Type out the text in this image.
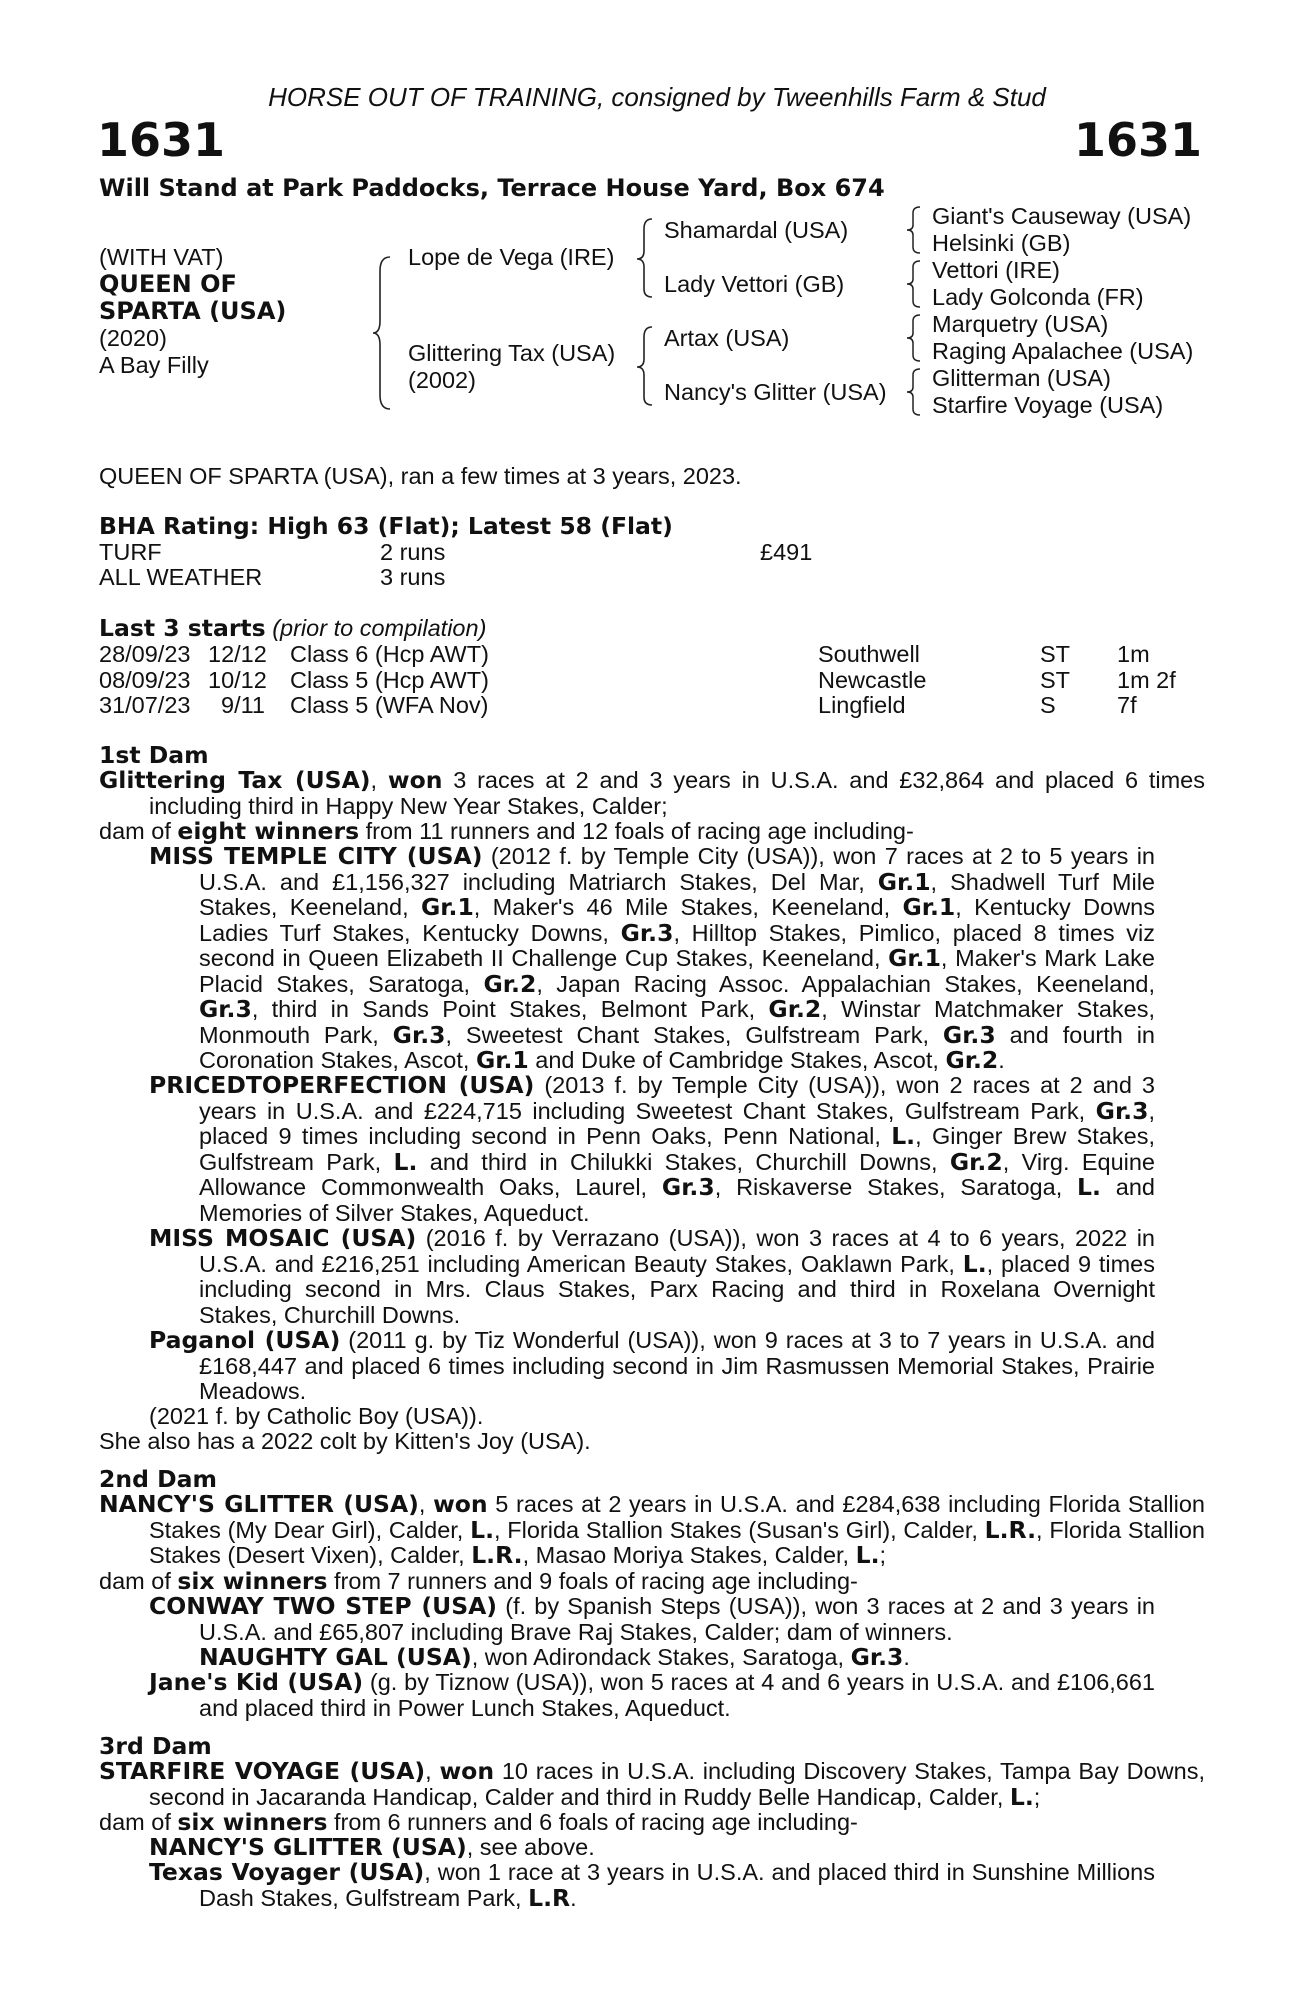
HORSE OUT OF TRAINING, consigned by Tweenhills Farm & Stud
1631	1631
Will Stand at Park Paddocks, Terrace House Yard, Box 674
(WITH VAT)
QUEEN OF
SPARTA (USA)
(2020)
A Bay Filly
Lope de Vega (IRE)
Glittering Tax (USA)
(2002)
Shamardal (USA)
Lady Vettori (GB)
Artax (USA)
Nancy's Glitter (USA)
Giant's Causeway (USA)
Helsinki (GB)
Vettori (IRE)
Lady Golconda (FR)
Marquetry (USA)
Raging Apalachee (USA)
Glitterman (USA)
Starfire Voyage (USA)
QUEEN OF SPARTA (USA), ran a few times at 3 years, 2023.
BHA Rating: High 63 (Flat); Latest 58 (Flat)
TURF	2 runs	£491
ALL WEATHER	3 runs
Last 3 starts (prior to compilation)
28/09/23 12/12 Class 6 (Hcp AWT)	Southwell	ST 1m
08/09/23 10/12 Class 5 (Hcp AWT)	Newcastle	ST 1m 2f
31/07/23 9/11 Class 5 (WFA Nov)	Lingfield	S	7f
1st Dam
Glittering Tax (USA), won 3 races at 2 and 3 years in U.S.A. and £32,864 and placed 6 times including third in Happy New Year Stakes, Calder;
dam of eight winners from 11 runners and 12 foals of racing age including-
MISS TEMPLE CITY (USA) (2012 f. by Temple City (USA)), won 7 races at 2 to 5 years in U.S.A. and £1,156,327 including Matriarch Stakes, Del Mar, Gr.1, Shadwell Turf Mile Stakes, Keeneland, Gr.1, Maker's 46 Mile Stakes, Keeneland, Gr.1, Kentucky Downs Ladies Turf Stakes, Kentucky Downs, Gr.3, Hilltop Stakes, Pimlico, placed 8 times viz second in Queen Elizabeth II Challenge Cup Stakes, Keeneland, Gr.1, Maker's Mark Lake Placid Stakes, Saratoga, Gr.2, Japan Racing Assoc. Appalachian Stakes, Keeneland, Gr.3, third in Sands Point Stakes, Belmont Park, Gr.2, Winstar Matchmaker Stakes, Monmouth Park, Gr.3, Sweetest Chant Stakes, Gulfstream Park, Gr.3 and fourth in Coronation Stakes, Ascot, Gr.1 and Duke of Cambridge Stakes, Ascot, Gr.2.
PRICEDTOPERFECTION (USA) (2013 f. by Temple City (USA)), won 2 races at 2 and 3 years in U.S.A. and £224,715 including Sweetest Chant Stakes, Gulfstream Park, Gr.3, placed 9 times including second in Penn Oaks, Penn National, L., Ginger Brew Stakes, Gulfstream Park, L. and third in Chilukki Stakes, Churchill Downs, Gr.2, Virg. Equine Allowance Commonwealth Oaks, Laurel, Gr.3, Riskaverse Stakes, Saratoga, L. and Memories of Silver Stakes, Aqueduct.
MISS MOSAIC (USA) (2016 f. by Verrazano (USA)), won 3 races at 4 to 6 years, 2022 in U.S.A. and £216,251 including American Beauty Stakes, Oaklawn Park, L., placed 9 times including second in Mrs. Claus Stakes, Parx Racing and third in Roxelana Overnight Stakes, Churchill Downs.
Paganol (USA) (2011 g. by Tiz Wonderful (USA)), won 9 races at 3 to 7 years in U.S.A. and £168,447 and placed 6 times including second in Jim Rasmussen Memorial Stakes, Prairie Meadows.
(2021 f. by Catholic Boy (USA)).
She also has a 2022 colt by Kitten's Joy (USA).
2nd Dam
NANCY'S GLITTER (USA), won 5 races at 2 years in U.S.A. and £284,638 including Florida Stallion Stakes (My Dear Girl), Calder, L., Florida Stallion Stakes (Susan's Girl), Calder, L.R., Florida Stallion Stakes (Desert Vixen), Calder, L.R., Masao Moriya Stakes, Calder, L.;
dam of six winners from 7 runners and 9 foals of racing age including-
CONWAY TWO STEP (USA) (f. by Spanish Steps (USA)), won 3 races at 2 and 3 years in U.S.A. and £65,807 including Brave Raj Stakes, Calder; dam of winners.
NAUGHTY GAL (USA), won Adirondack Stakes, Saratoga, Gr.3.
Jane's Kid (USA) (g. by Tiznow (USA)), won 5 races at 4 and 6 years in U.S.A. and £106,661 and placed third in Power Lunch Stakes, Aqueduct.
3rd Dam
STARFIRE VOYAGE (USA), won 10 races in U.S.A. including Discovery Stakes, Tampa Bay Downs, second in Jacaranda Handicap, Calder and third in Ruddy Belle Handicap, Calder, L.;
dam of six winners from 6 runners and 6 foals of racing age including-
NANCY'S GLITTER (USA), see above.
Texas Voyager (USA), won 1 race at 3 years in U.S.A. and placed third in Sunshine Millions Dash Stakes, Gulfstream Park, L.R.
